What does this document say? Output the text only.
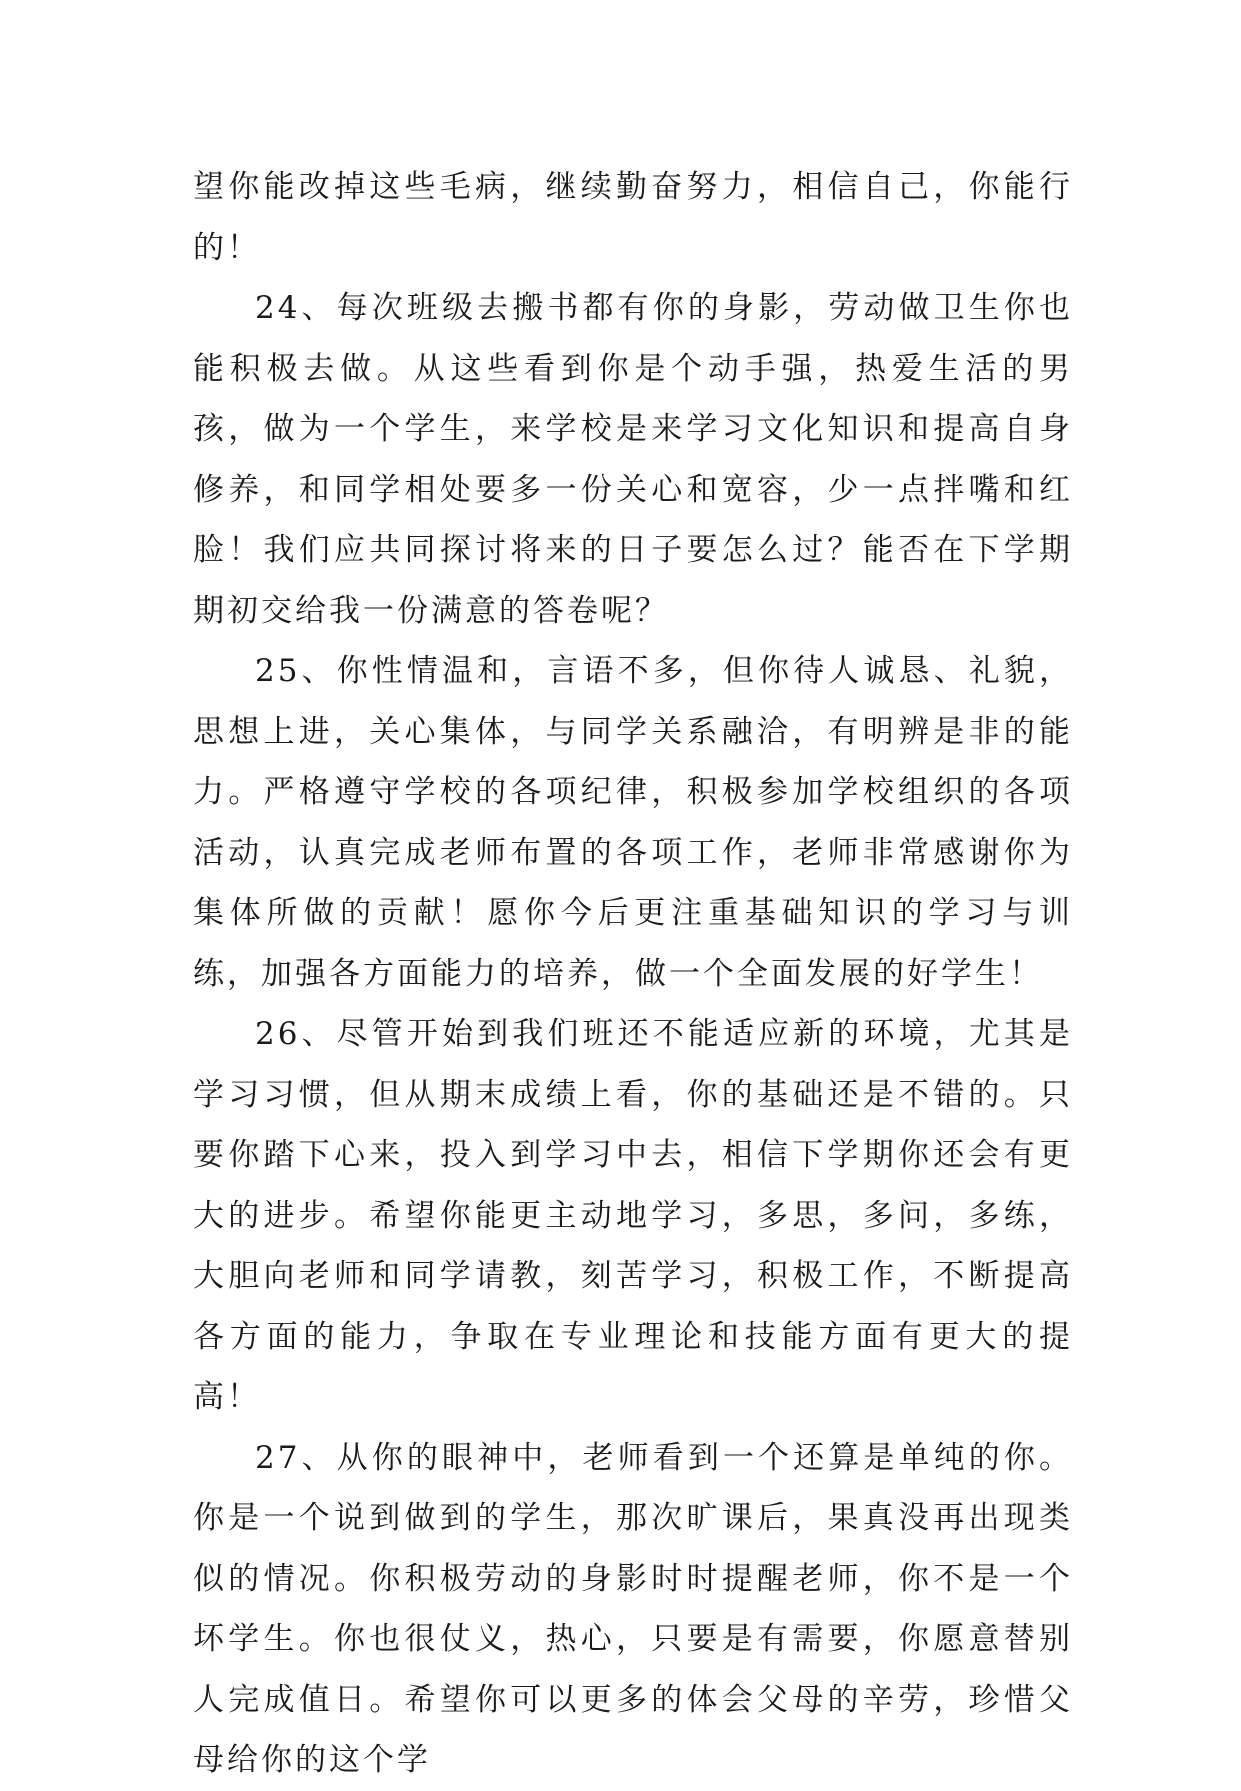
望你能改掉这些毛病，继续勤奋努力，相信自己，你能行的！

24、每次班级去搬书都有你的身影，劳动做卫生你也能积极去做。从这些看到你是个动手强，热爱生活的男孩，做为一个学生，来学校是来学习文化知识和提高自身修养，和同学相处要多一份关心和宽容，少一点拌嘴和红脸！我们应共同探讨将来的日子要怎么过？能否在下学期期初交给我一份满意的答卷呢？

25、你性情温和，言语不多，但你待人诚恳、礼貌，思想上进，关心集体，与同学关系融洽，有明辨是非的能力。严格遵守学校的各项纪律，积极参加学校组织的各项活动，认真完成老师布置的各项工作，老师非常感谢你为集体所做的贡献！愿你今后更注重基础知识的学习与训练，加强各方面能力的培养，做一个全面发展的好学生！

26、尽管开始到我们班还不能适应新的环境，尤其是学习习惯，但从期末成绩上看，你的基础还是不错的。只要你踏下心来，投入到学习中去，相信下学期你还会有更大的进步。希望你能更主动地学习，多思，多问，多练，大胆向老师和同学请教，刻苦学习，积极工作，不断提高各方面的能力，争取在专业理论和技能方面有更大的提高！

27、从你的眼神中，老师看到一个还算是单纯的你。你是一个说到做到的学生，那次旷课后，果真没再出现类似的情况。你积极劳动的身影时时提醒老师，你不是一个坏学生。你也很仗义，热心，只要是有需要，你愿意替别人完成值日。希望你可以更多的体会父母的辛劳，珍惜父母给你的这个学
